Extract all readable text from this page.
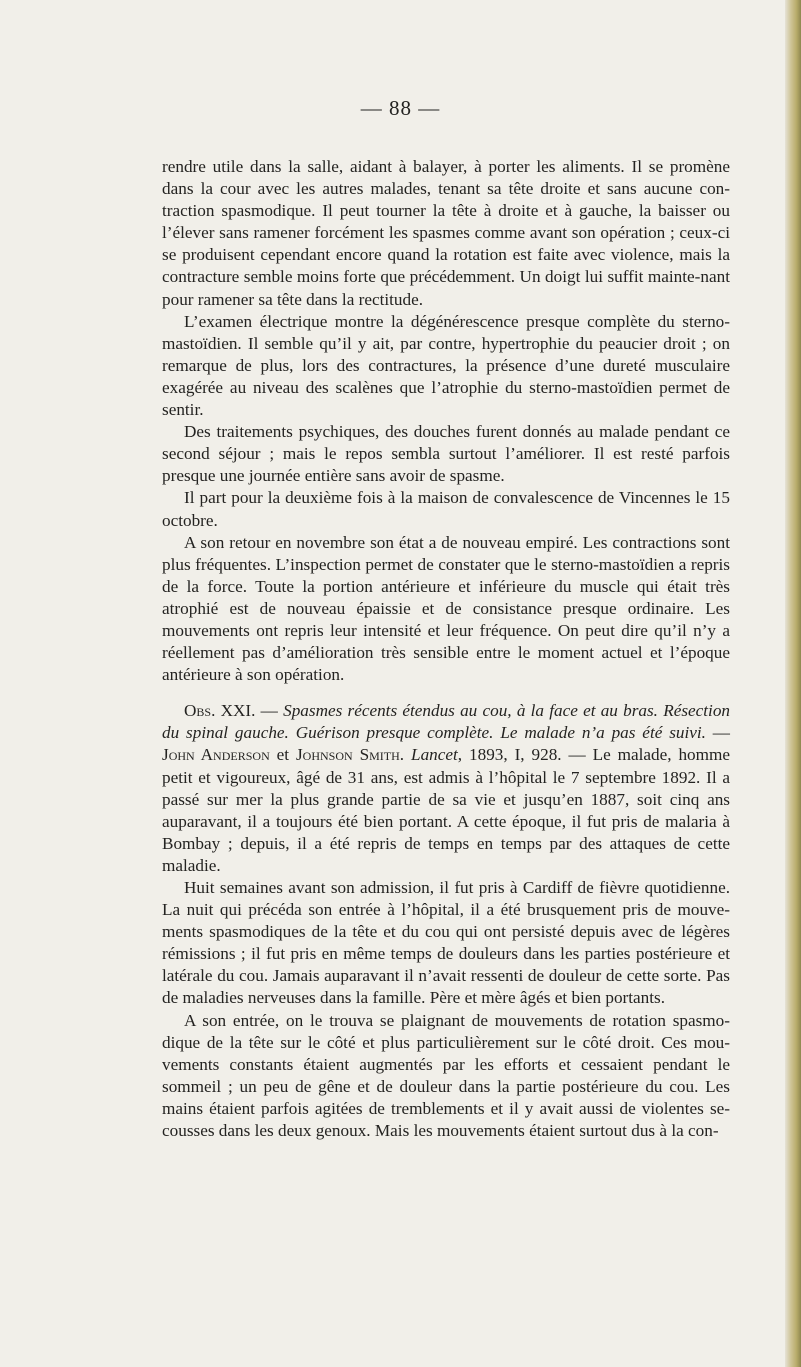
— 88 —

rendre utile dans la salle, aidant à balayer, à porter les aliments. Il se promène dans la cour avec les autres malades, tenant sa tête droite et sans aucune con-traction spasmodique. Il peut tourner la tête à droite et à gauche, la baisser ou l’élever sans ramener forcément les spasmes comme avant son opération ; ceux-ci se produisent cependant encore quand la rotation est faite avec violence, mais la contracture semble moins forte que précédemment. Un doigt lui suffit mainte-nant pour ramener sa tête dans la rectitude.

L’examen électrique montre la dégénérescence presque complète du sterno-mastoïdien. Il semble qu’il y ait, par contre, hypertrophie du peaucier droit ; on remarque de plus, lors des contractures, la présence d’une dureté musculaire exagérée au niveau des scalènes que l’atrophie du sterno-mastoïdien permet de sentir.

Des traitements psychiques, des douches furent donnés au malade pendant ce second séjour ; mais le repos semblа surtout l’améliorer. Il est resté parfois presque une journée entière sans avoir de spasme.

Il part pour la deuxième fois à la maison de convalescence de Vincennes le 15 octobre.

A son retour en novembre son état a de nouveau empiré. Les contractions sont plus fréquentes. L’inspection permet de constater que le sterno-mastoïdien a repris de la force. Toute la portion antérieure et inférieure du muscle qui était très atrophié est de nouveau épaissie et de consistance presque ordinaire. Les mouvements ont repris leur intensité et leur fréquence. On peut dire qu’il n’y a réellement pas d’amélioration très sensible entre le moment actuel et l’époque antérieure à son opération.

Obs. XXI. — Spasmes récents étendus au cou, à la face et au bras. Résection du spinal gauche. Guérison presque complète. Le malade n’a pas été suivi. — John Anderson et Johnson Smith. Lancet, 1893, I, 928. — Le malade, homme petit et vigoureux, âgé de 31 ans, est admis à l’hôpital le 7 septembre 1892. Il a passé sur mer la plus grande partie de sa vie et jusqu’en 1887, soit cinq ans auparavant, il a toujours été bien portant. A cette époque, il fut pris de malaria à Bombay ; depuis, il a été repris de temps en temps par des attaques de cette maladie.

Huit semaines avant son admission, il fut pris à Cardiff de fièvre quotidienne. La nuit qui précéda son entrée à l’hôpital, il a été brusquement pris de mouve-ments spasmodiques de la tête et du cou qui ont persisté depuis avec de légères rémissions ; il fut pris en même temps de douleurs dans les parties postérieure et latérale du cou. Jamais auparavant il n’avait ressenti de douleur de cette sorte. Pas de maladies nerveuses dans la famille. Père et mère âgés et bien portants.

A son entrée, on le trouva se plaignant de mouvements de rotation spasmo-dique de la tête sur le côté et plus particulièrement sur le côté droit. Ces mou-vements constants étaient augmentés par les efforts et cessaient pendant le sommeil ; un peu de gêne et de douleur dans la partie postérieure du cou. Les mains étaient parfois agitées de tremblements et il y avait aussi de violentes se-cousses dans les deux genoux. Mais les mouvements étaient surtout dus à la con-
